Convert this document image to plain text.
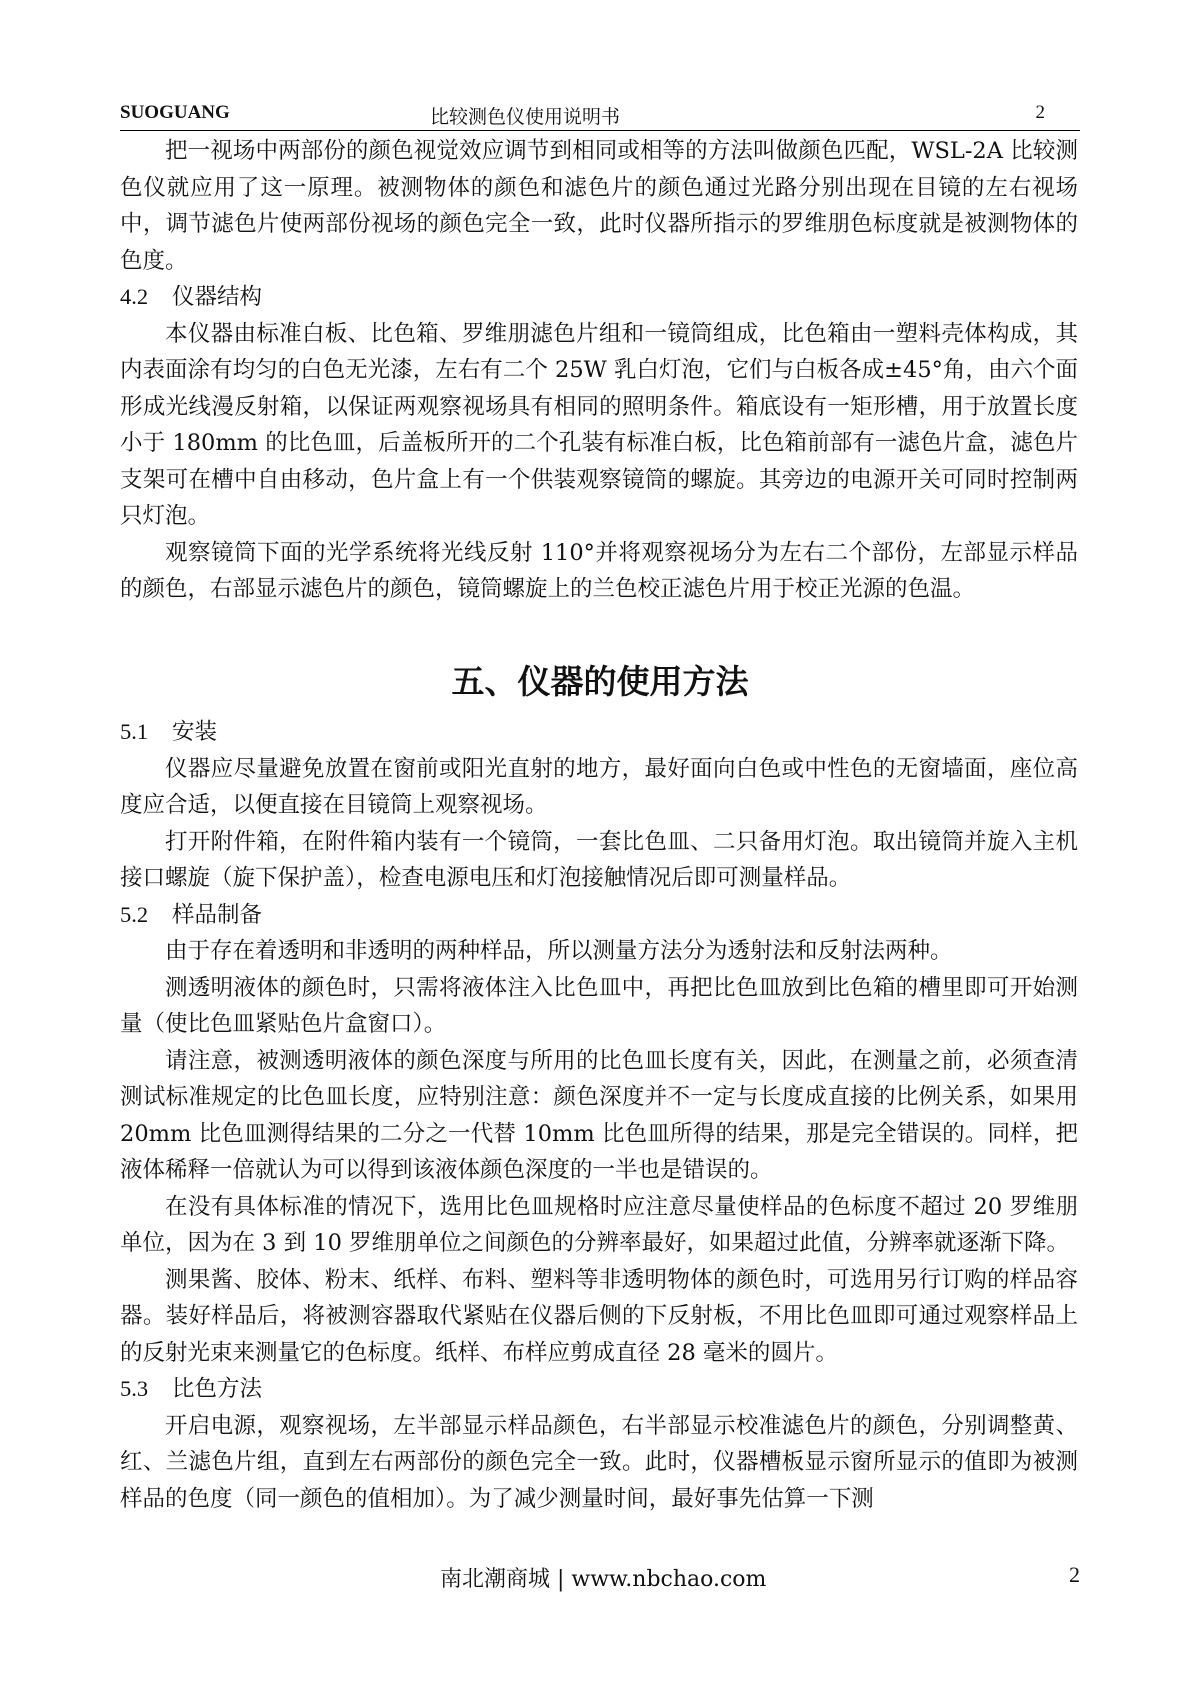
SUOGUANG	比较测色仪使用说明书	2

把一视场中两部份的颜色视觉效应调节到相同或相等的方法叫做颜色匹配，WSL-2A 比较测色仪就应用了这一原理。被测物体的颜色和滤色片的颜色通过光路分别出现在目镜的左右视场中，调节滤色片使两部份视场的颜色完全一致，此时仪器所指示的罗维朋色标度就是被测物体的色度。

4.2 仪器结构

本仪器由标准白板、比色箱、罗维朋滤色片组和一镜筒组成，比色箱由一塑料壳体构成，其内表面涂有均匀的白色无光漆，左右有二个 25W 乳白灯泡，它们与白板各成±45°角，由六个面形成光线漫反射箱，以保证两观察视场具有相同的照明条件。箱底设有一矩形槽，用于放置长度小于 180mm 的比色皿，后盖板所开的二个孔装有标准白板，比色箱前部有一滤色片盒，滤色片支架可在槽中自由移动，色片盒上有一个供装观察镜筒的螺旋。其旁边的电源开关可同时控制两只灯泡。

观察镜筒下面的光学系统将光线反射 110°并将观察视场分为左右二个部份，左部显示样品的颜色，右部显示滤色片的颜色，镜筒螺旋上的兰色校正滤色片用于校正光源的色温。

五、仪器的使用方法

5.1 安装

仪器应尽量避免放置在窗前或阳光直射的地方，最好面向白色或中性色的无窗墙面，座位高度应合适，以便直接在目镜筒上观察视场。

打开附件箱，在附件箱内装有一个镜筒，一套比色皿、二只备用灯泡。取出镜筒并旋入主机接口螺旋（旋下保护盖），检查电源电压和灯泡接触情况后即可测量样品。

5.2 样品制备

由于存在着透明和非透明的两种样品，所以测量方法分为透射法和反射法两种。

测透明液体的颜色时，只需将液体注入比色皿中，再把比色皿放到比色箱的槽里即可开始测量（使比色皿紧贴色片盒窗口）。

请注意，被测透明液体的颜色深度与所用的比色皿长度有关，因此，在测量之前，必须查清测试标准规定的比色皿长度，应特别注意：颜色深度并不一定与长度成直接的比例关系，如果用 20mm 比色皿测得结果的二分之一代替 10mm 比色皿所得的结果，那是完全错误的。同样，把液体稀释一倍就认为可以得到该液体颜色深度的一半也是错误的。

在没有具体标准的情况下，选用比色皿规格时应注意尽量使样品的色标度不超过 20 罗维朋单位，因为在 3 到 10 罗维朋单位之间颜色的分辨率最好，如果超过此值，分辨率就逐渐下降。

测果酱、胶体、粉末、纸样、布料、塑料等非透明物体的颜色时，可选用另行订购的样品容器。装好样品后，将被测容器取代紧贴在仪器后侧的下反射板，不用比色皿即可通过观察样品上的反射光束来测量它的色标度。纸样、布样应剪成直径 28 毫米的圆片。

5.3 比色方法

开启电源，观察视场，左半部显示样品颜色，右半部显示校准滤色片的颜色，分别调整黄、红、兰滤色片组，直到左右两部份的颜色完全一致。此时，仪器槽板显示窗所显示的值即为被测样品的色度（同一颜色的值相加）。为了减少测量时间，最好事先估算一下测

南北潮商城 | www.nbchao.com	2
